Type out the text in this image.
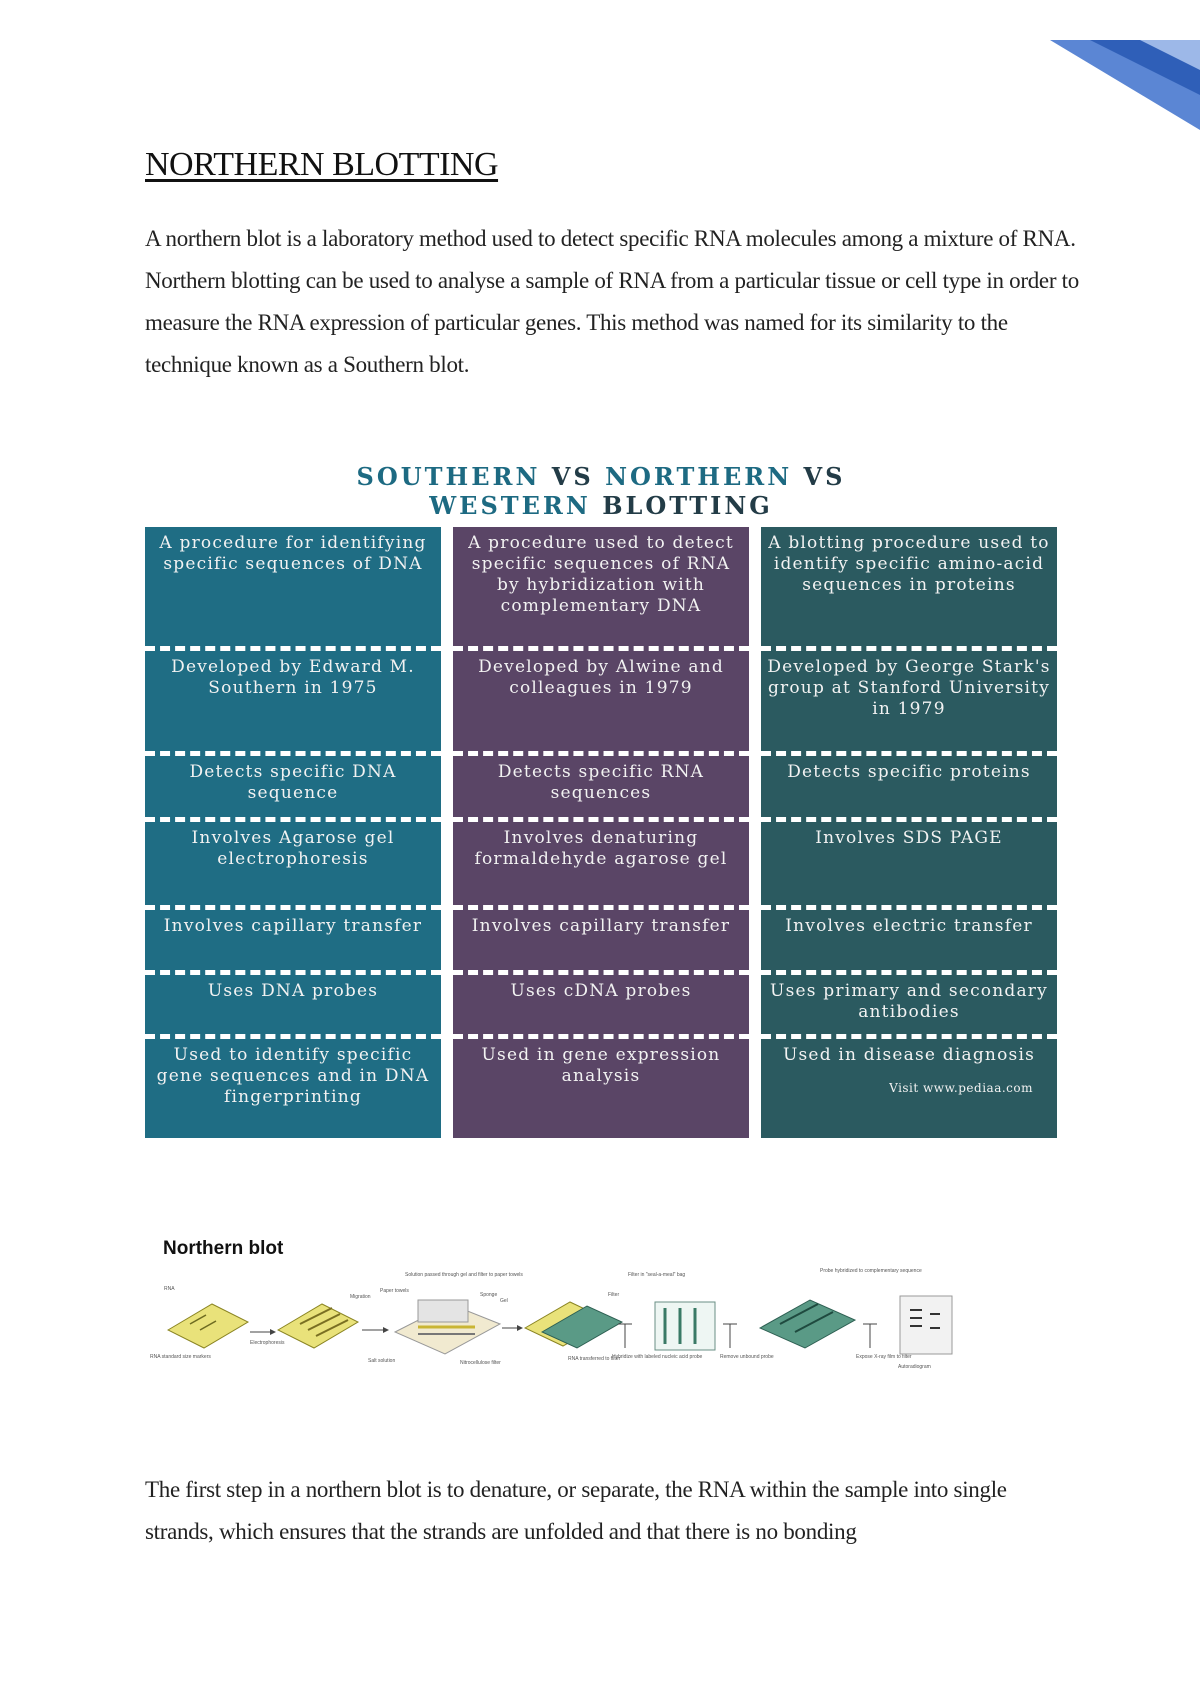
NORTHERN BLOTTING

A northern blot is a laboratory method used to detect specific RNA molecules among a mixture of RNA. Northern blotting can be used to analyse a sample of RNA from a particular tissue or cell type in order to measure the RNA expression of particular genes. This method was named for its similarity to the technique known as a Southern blot.

SOUTHERN VS NORTHERN VS
WESTERN BLOTTING
A procedure for identifying specific sequences of DNA
Developed by Edward M. Southern in 1975
Detects specific DNA sequence
Involves Agarose gel electrophoresis
Involves capillary transfer
Uses DNA probes
Used to identify specific gene sequences and in DNA fingerprinting
A procedure used to detect specific sequences of RNA by hybridization with complementary DNA
Developed by Alwine and colleagues in 1979
Detects specific RNA sequences
Involves denaturing formaldehyde agarose gel
Involves capillary transfer
Uses cDNA probes
Used in gene expression analysis
A blotting procedure used to identify specific amino-acid sequences in proteins
Developed by George Stark's group at Stanford University in 1979
Detects specific proteins
Involves SDS PAGE
Involves electric transfer
Uses primary and secondary antibodies
Used in disease diagnosis
Visit www.pediaa.com

Northern blot

RNA
RNA standard size markers
Electrophoresis
Migration
Solution passed through gel and filter to paper towels
Paper towels
Sponge
Gel
Salt solution	Nitrocellulose filter
Filter
RNA transferred to filter
Hybridize with labeled nucleic acid probe
Filter in "seal-a-meal" bag
Remove unbound probe
Probe hybridized to complementary sequence
Expose X-ray film to filter
Autoradiogram

The first step in a northern blot is to denature, or separate, the RNA within the sample into single strands, which ensures that the strands are unfolded and that there is no bonding
